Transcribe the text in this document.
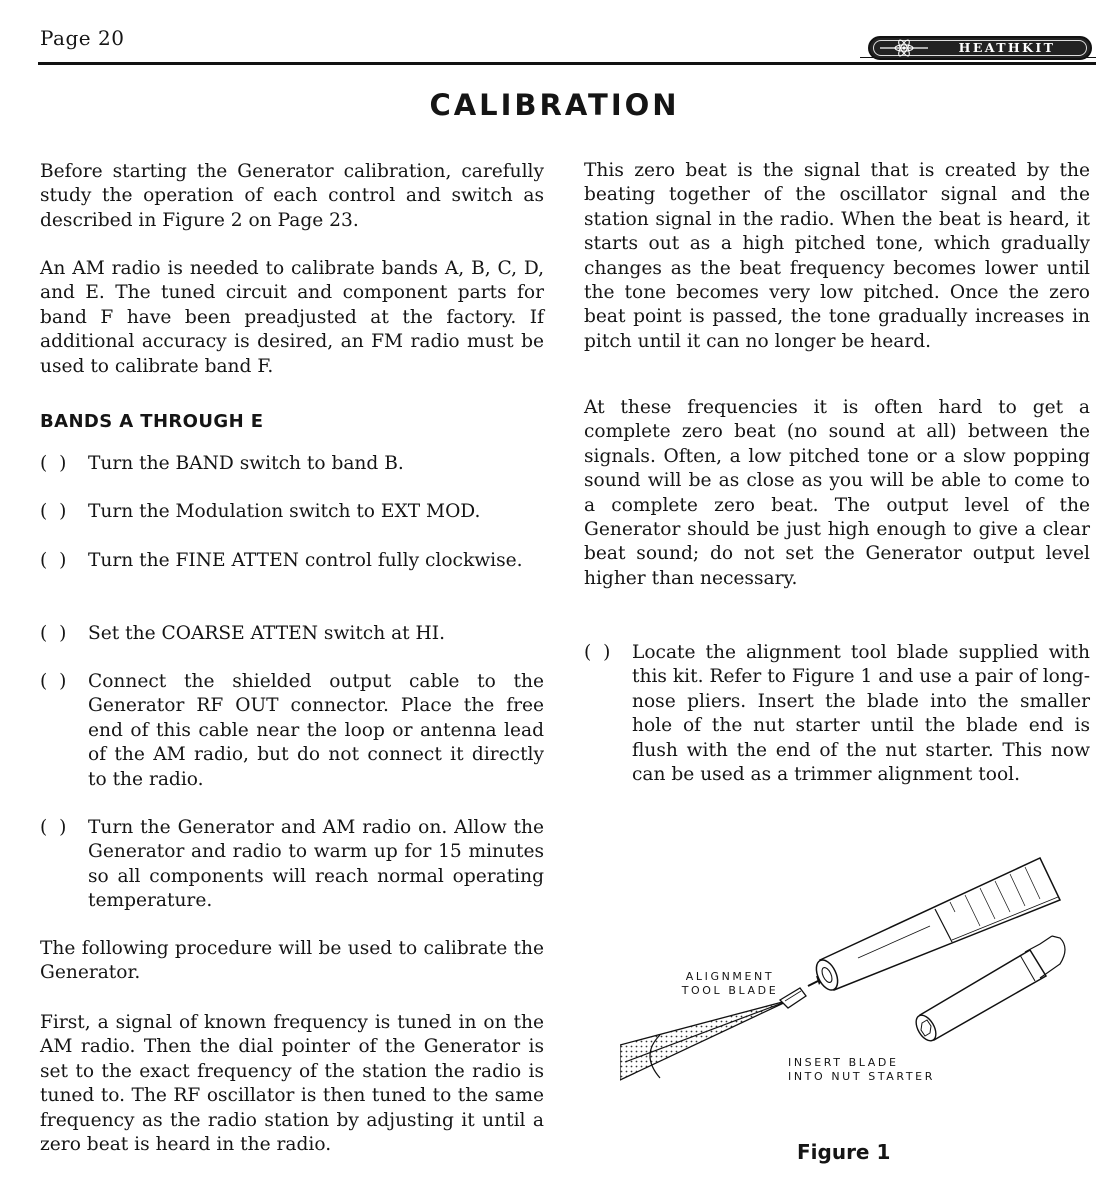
Page 20	HEATHKIT
CALIBRATION

Before starting the Generator calibration, carefully study the operation of each control and switch as described in Figure 2 on Page 23.

An AM radio is needed to calibrate bands A, B, C, D, and E. The tuned circuit and component parts for band F have been preadjusted at the factory. If additional accuracy is desired, an FM radio must be used to calibrate band F.

BANDS A THROUGH E
(  ) Turn the BAND switch to band B.

(  ) Turn the Modulation switch to EXT MOD.

(  ) Turn the FINE ATTEN control fully clockwise.

(  ) Set the COARSE ATTEN switch at HI.

(  ) Connect the shielded output cable to the Generator RF OUT connector. Place the free end of this cable near the loop or antenna lead of the AM radio, but do not connect it directly to the radio.

(  ) Turn the Generator and AM radio on. Allow the Generator and radio to warm up for 15 minutes so all components will reach normal operating temperature.

The following procedure will be used to calibrate the Generator.

First, a signal of known frequency is tuned in on the AM radio. Then the dial pointer of the Generator is set to the exact frequency of the station the radio is tuned to. The RF oscillator is then tuned to the same frequency as the radio station by adjusting it until a zero beat is heard in the radio.

This zero beat is the signal that is created by the beating together of the oscillator signal and the station signal in the radio. When the beat is heard, it starts out as a high pitched tone, which gradually changes as the beat frequency becomes lower until the tone becomes very low pitched. Once the zero beat point is passed, the tone gradually increases in pitch until it can no longer be heard.

At these frequencies it is often hard to get a complete zero beat (no sound at all) between the signals. Often, a low pitched tone or a slow popping sound will be as close as you will be able to come to a complete zero beat. The output level of the Generator should be just high enough to give a clear beat sound; do not set the Generator output level higher than necessary.

(  ) Locate the alignment tool blade supplied with this kit. Refer to Figure 1 and use a pair of long-nose pliers. Insert the blade into the smaller hole of the nut starter until the blade end is flush with the end of the nut starter. This now can be used as a trimmer alignment tool.

ALIGNMENT
TOOL BLADE
INSERT BLADE
INTO NUT STARTER
Figure 1
